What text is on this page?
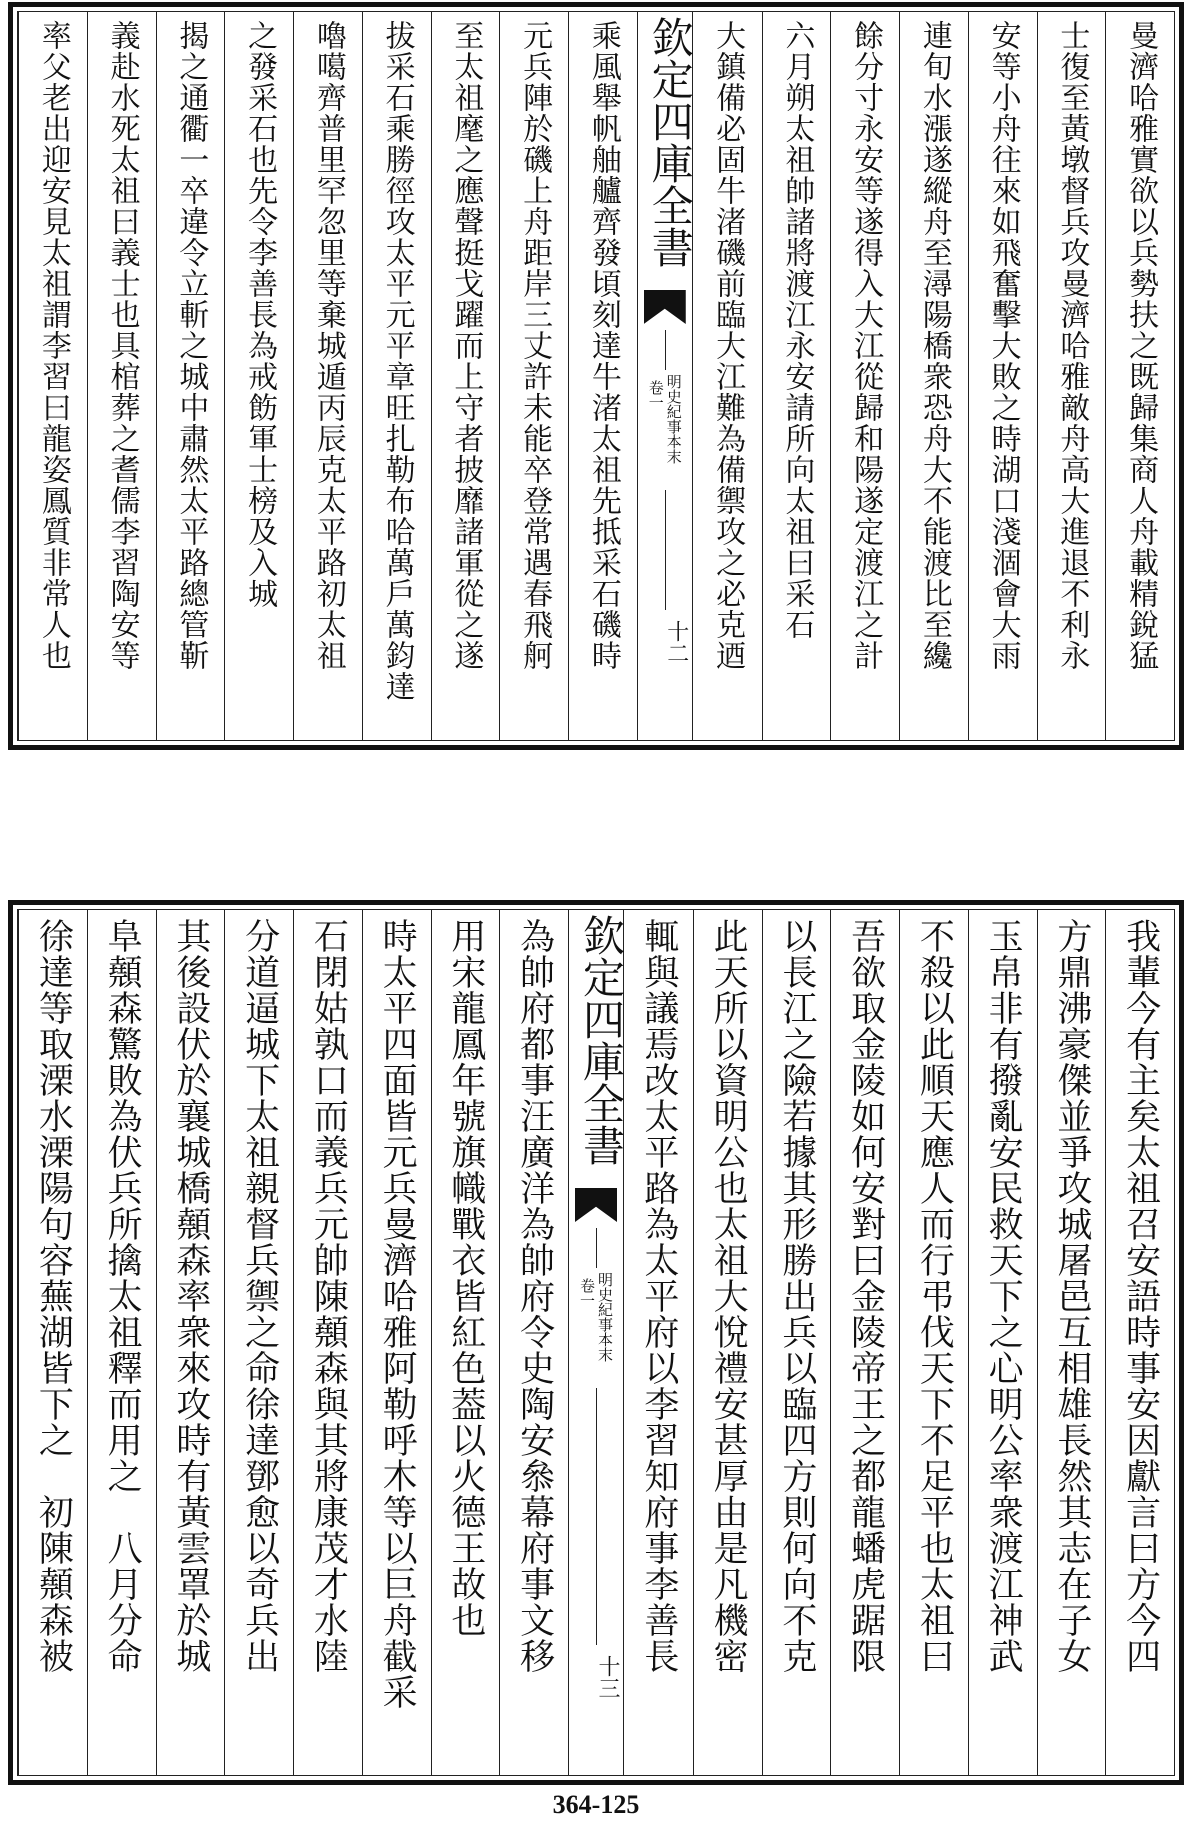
乘風舉帆舳艫齊發頃刻達牛渚太祖先抵采石磯時
元兵陣於磯上舟距岸三丈許未能卒登常遇春飛舸
至太祖麾之應聲挺戈躍而上守者披靡諸軍從之遂
拔采石乘勝徑攻太平元平章旺扎勒布哈萬戶萬鈞達
嚕噶齊普里罕忽里等棄城遁丙辰克太平路初太祖
之發采石也先令李善長為戒飭軍士榜及入城
揭之通衢一卒違令立斬之城中肅然太平路總管靳
義赴水死太祖曰義士也具棺葬之耆儒李習陶安等
率父老出迎安見太祖謂李習曰龍姿鳳質非常人也	欽定四庫全書
卷一 明史紀事本末
十二	曼濟哈雅實欲以兵勢扶之既歸集商人舟載精銳猛
士復至黃墩督兵攻曼濟哈雅敵舟高大進退不利永
安等小舟往來如飛奮擊大敗之時湖口淺涸會大雨
連旬水漲遂縱舟至潯陽橋衆恐舟大不能渡比至纔
餘分寸永安等遂得入大江從歸和陽遂定渡江之計
六月朔太祖帥諸將渡江永安請所向太祖曰采石
大鎮備必固牛渚磯前臨大江難為備禦攻之必克迺
為帥府都事汪廣洋為帥府令史陶安叅幕府事文移
用宋龍鳳年號旗幟戰衣皆紅色葢以火德王故也
時太平四面皆元兵曼濟哈雅阿勒呼木等以巨舟截采
石閉姑孰口而義兵元帥陳顤森與其將康茂才水陸
分道逼城下太祖親督兵禦之命徐達鄧愈以奇兵出
其後設伏於襄城橋顤森率衆來攻時有黃雲罩於城
阜顤森驚敗為伏兵所擒太祖釋而用之　八月分命
徐達等取溧水溧陽句容蕪湖皆下之　初陳顤森被	欽定四庫全書
卷一 明史紀事本末
十三
我輩今有主矣太祖召安語時事安因獻言曰方今四
方鼎沸豪傑並爭攻城屠邑互相雄長然其志在子女
玉帛非有撥亂安民救天下之心明公率衆渡江神武
不殺以此順天應人而行弔伐天下不足平也太祖曰
吾欲取金陵如何安對曰金陵帝王之都龍蟠虎踞限
以長江之險若據其形勝出兵以臨四方則何向不克
此天所以資明公也太祖大悅禮安甚厚由是凡機密
輒與議焉改太平路為太平府以李習知府事李善長
364-125
